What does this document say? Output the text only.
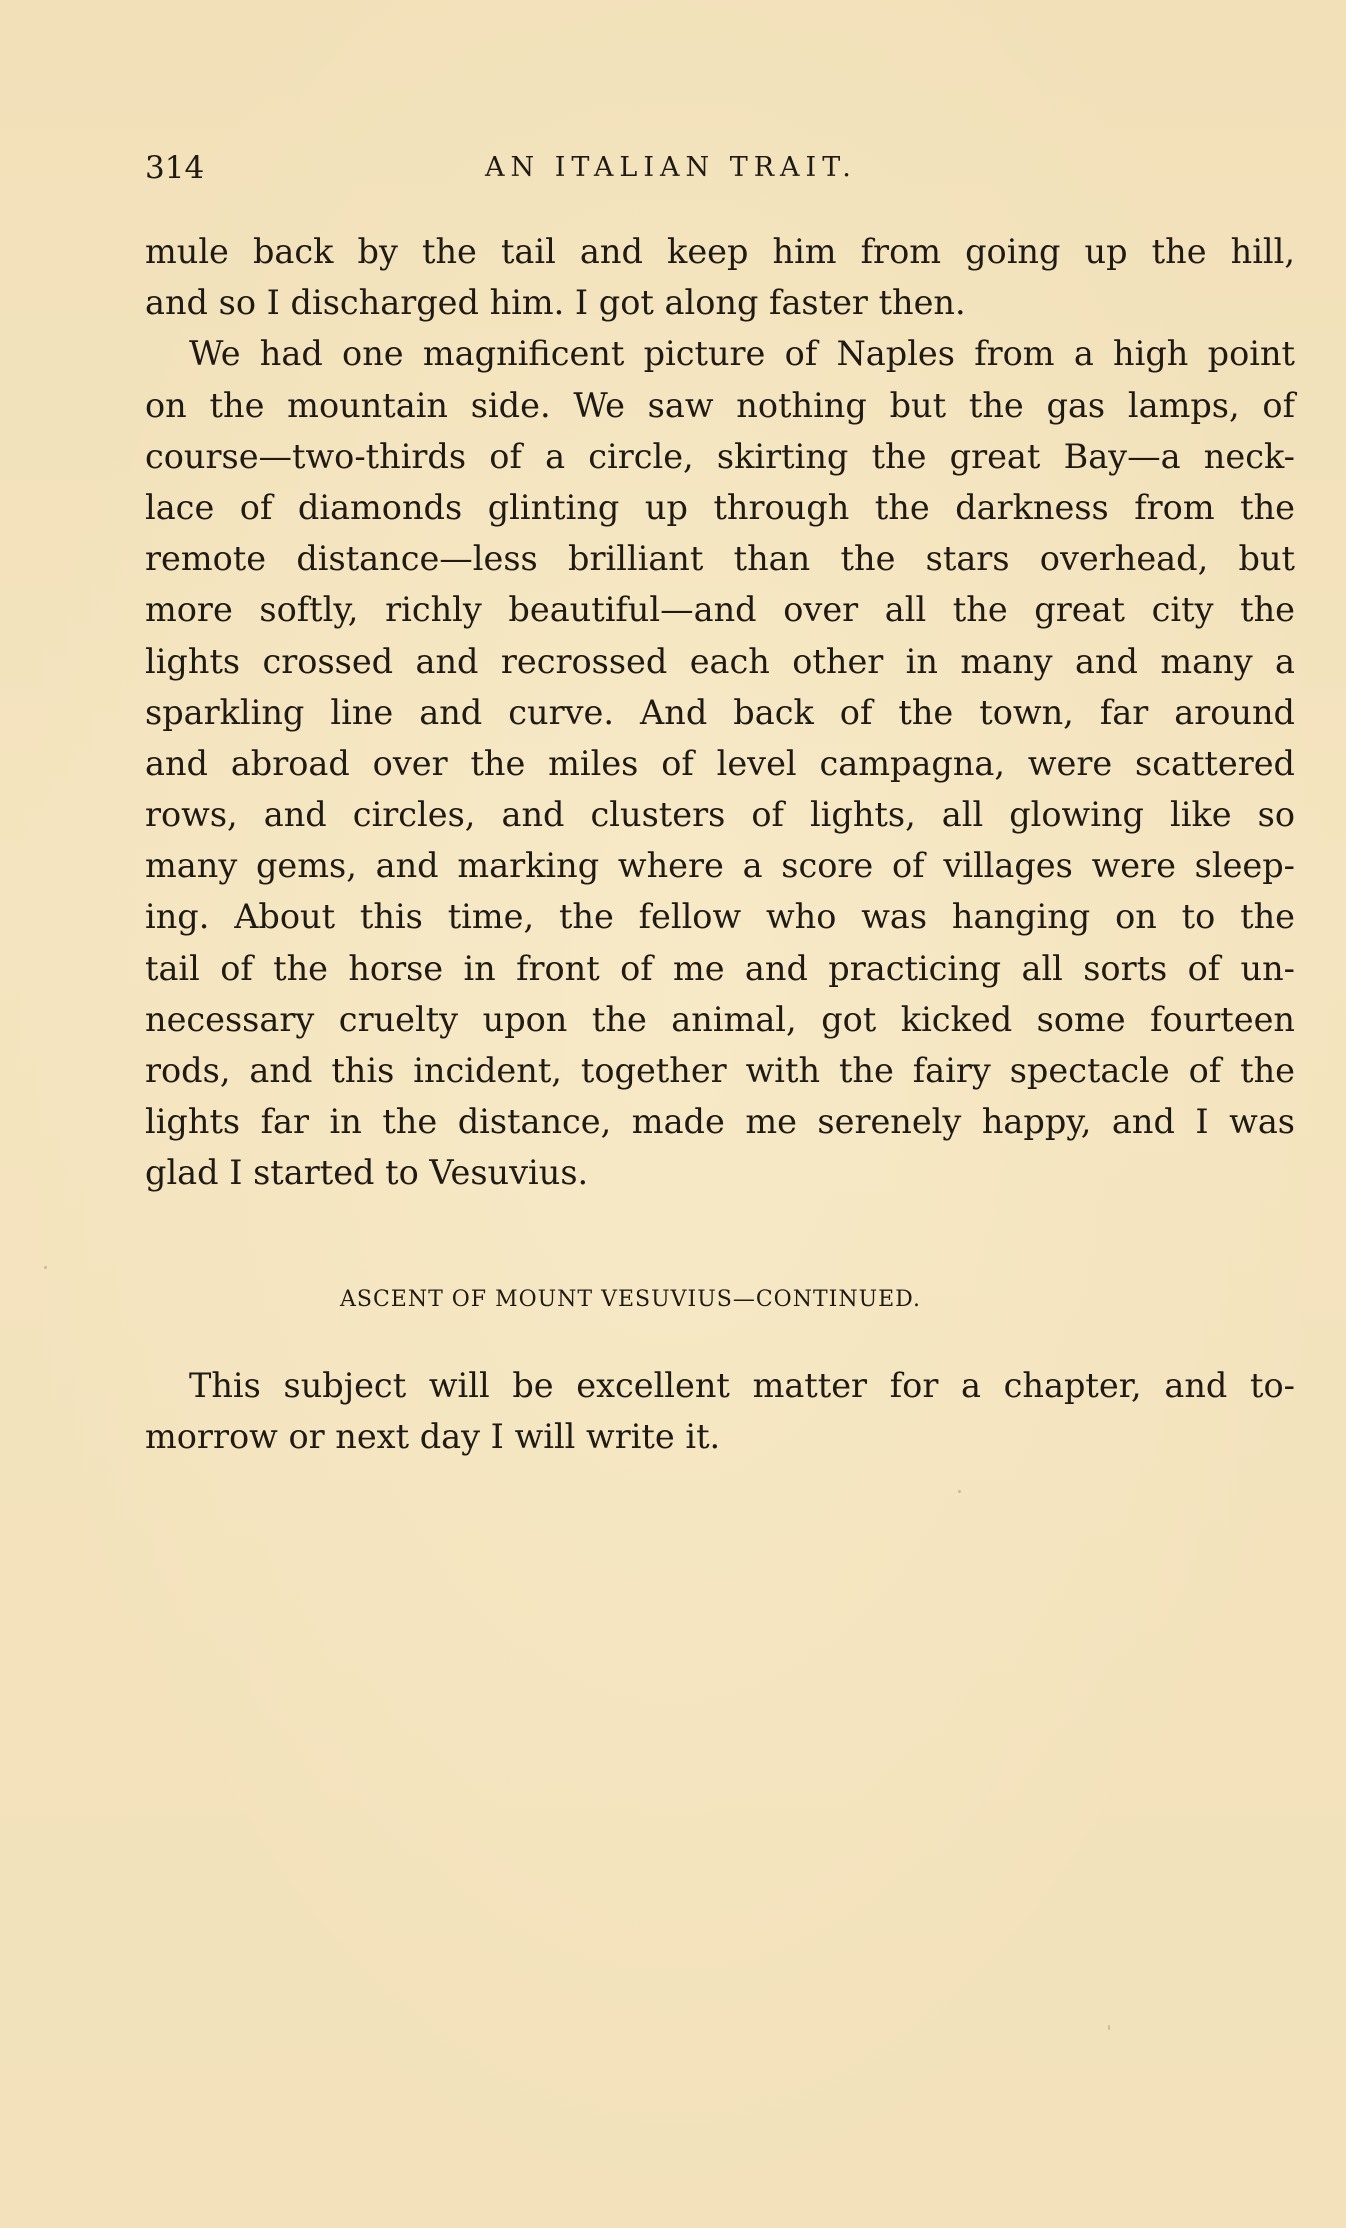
314	AN ITALIAN TRAIT.
mule back by the tail and keep him from going up the hill,
and so I discharged him. I got along faster then.
We had one magnificent picture of Naples from a high point
on the mountain side. We saw nothing but the gas lamps, of
course—two-thirds of a circle, skirting the great Bay—a neck-
lace of diamonds glinting up through the darkness from the
remote distance—less brilliant than the stars overhead, but
more softly, richly beautiful—and over all the great city the
lights crossed and recrossed each other in many and many a
sparkling line and curve. And back of the town, far around
and abroad over the miles of level campagna, were scattered
rows, and circles, and clusters of lights, all glowing like so
many gems, and marking where a score of villages were sleep-
ing. About this time, the fellow who was hanging on to the
tail of the horse in front of me and practicing all sorts of un-
necessary cruelty upon the animal, got kicked some fourteen
rods, and this incident, together with the fairy spectacle of the
lights far in the distance, made me serenely happy, and I was
glad I started to Vesuvius.
ASCENT OF MOUNT VESUVIUS—CONTINUED.
This subject will be excellent matter for a chapter, and to-
morrow or next day I will write it.
